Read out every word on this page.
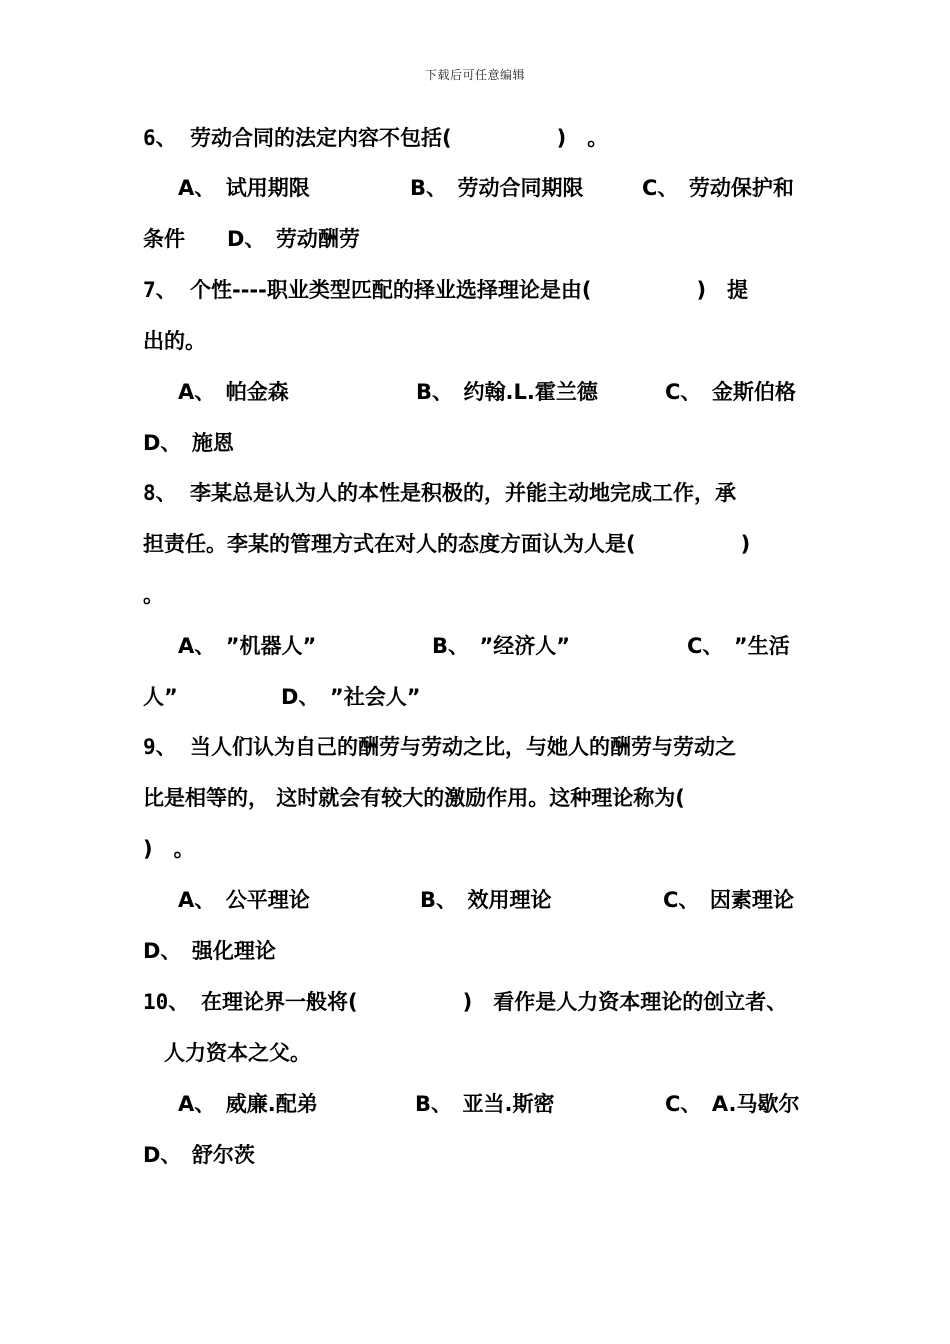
下载后可任意编辑

6、

劳动合同的法定内容不包括(　　　　　)　。

A、　试用期限

	B、　劳动合同期限

	C、　劳动保护和

条件　　D、　劳动酬劳

7、

个性----职业类型匹配的择业选择理论是由(　　　　　)　提

出的。

A、　帕金森

	B、　约翰.L.霍兰德

	C、　金斯伯格

D、　施恩

8、

李某总是认为人的本性是积极的，并能主动地完成工作，承

担责任。李某的管理方式在对人的态度方面认为人是(　　　　　)

。

A、　”机器人”

	B、　”经济人”

	C、　”生活

人”

	D、　”社会人”

9、

当人们认为自己的酬劳与劳动之比，与她人的酬劳与劳动之

比是相等的， 这时就会有较大的激励作用。这种理论称为(

)　。

A、　公平理论

	B、　效用理论

	C、　因素理论

D、　强化理论

10、

在理论界一般将(　　　　　)　看作是人力资本理论的创立者、

　人力资本之父。

A、　威廉.配弟

	B、　亚当.斯密

	C、　A.马歇尔

D、　舒尔茨
